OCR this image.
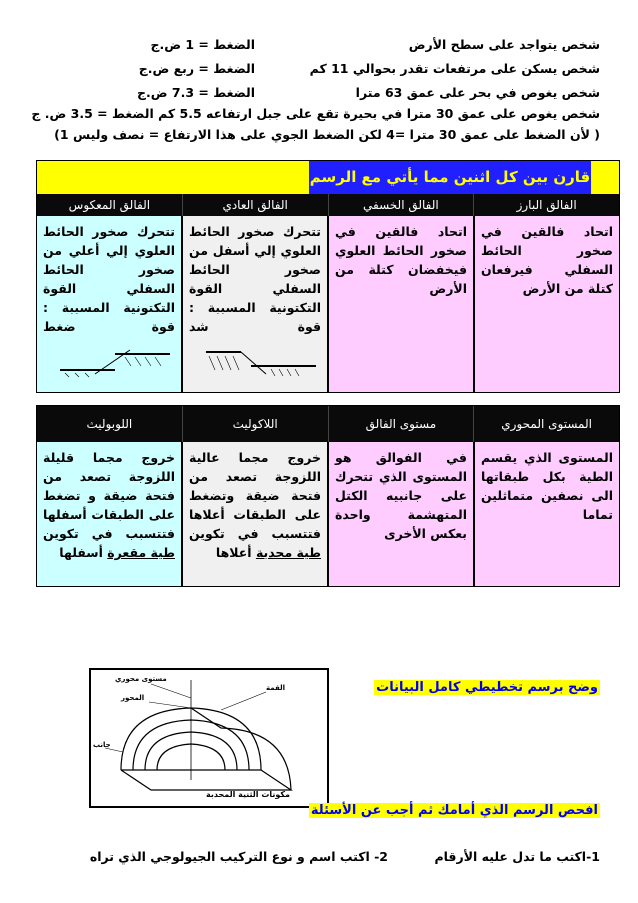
شخص يتواجد على سطح الأرض
الضغط = 1 ض.ج
شخص يسكن على مرتفعات تقدر بحوالي 11 كم
الضغط = ربع ض.ج
شخص يغوص في بحر على عمق 63 مترا
الضغط = 7.3 ض.ج
شخص يغوص على عمق 30 مترا في بحيرة تقع على جبل ارتفاعه 5.5 كم الضغط = 3.5 ض. ج
( لأن الضغط على عمق 30 مترا =4 لكن الضغط الجوي على هذا الارتفاع = نصف وليس 1)
قارن بين كل اثنين مما يأتي مع الرسم
الفالق البارز
الفالق الخسفي
الفالق العادي
الفالق المعكوس
اتحاد فالقين في صخور الحائط السفلي فيرفعان كتلة من الأرض
اتحاد فالقين في صخور الحائط العلوي فيخفضان كتلة من الأرض
تتحرك صخور الحائط العلوي إلي أسفل من صخور الحائط السفلي القوة التكتونية المسببة : قوة شد
تتحرك صخور الحائط العلوي إلي أعلي من صخور الحائط السفلي القوة التكتونية المسببة : قوة ضغط
المستوى المحوري
مستوى الفالق
اللاكوليث
اللوبوليث
المستوى الذي يقسم الطية بكل طبقاتها الى نصفين متماثلين تماما
في الفوالق هو المستوى الذي تتحرك على جانبيه الكتل المتهشمة واحدة بعكس الأخرى
خروج مجما عالية اللزوجة تصعد من فتحة ضيقة وتضغط على الطبقات أعلاها فتتسبب في تكوين طية محدبة أعلاها
خروج مجما قليلة اللزوجة تصعد من فتحة ضيقة و تضغط على الطبقات أسفلها فتتسبب في تكوين طية مقعرة أسفلها
وضح برسم تخطيطي كامل البيانات
مستوى محوري
المحور
القمة
جانب
مكونات الثنية المحدبة
افحص الرسم الذي أمامك ثم أجب عن الأسئلة
1-اكتب ما تدل عليه الأرقام
2- اكتب اسم و نوع التركيب الجيولوجي الذي تراه
